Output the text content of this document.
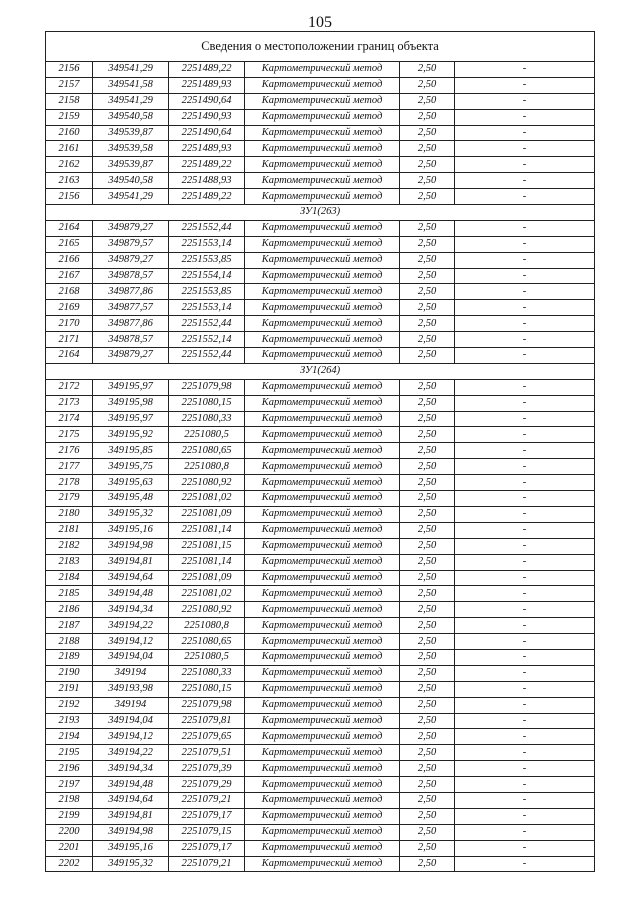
105
Сведения о местоположении границ объекта					
2156	349541,29	2251489,22	Картометрический метод	2,50	-
2157	349541,58	2251489,93	Картометрический метод	2,50	-
2158	349541,29	2251490,64	Картометрический метод	2,50	-
2159	349540,58	2251490,93	Картометрический метод	2,50	-
2160	349539,87	2251490,64	Картометрический метод	2,50	-
2161	349539,58	2251489,93	Картометрический метод	2,50	-
2162	349539,87	2251489,22	Картометрический метод	2,50	-
2163	349540,58	2251488,93	Картометрический метод	2,50	-
2156	349541,29	2251489,22	Картометрический метод	2,50	-
ЗУ1(263)					
2164	349879,27	2251552,44	Картометрический метод	2,50	-
2165	349879,57	2251553,14	Картометрический метод	2,50	-
2166	349879,27	2251553,85	Картометрический метод	2,50	-
2167	349878,57	2251554,14	Картометрический метод	2,50	-
2168	349877,86	2251553,85	Картометрический метод	2,50	-
2169	349877,57	2251553,14	Картометрический метод	2,50	-
2170	349877,86	2251552,44	Картометрический метод	2,50	-
2171	349878,57	2251552,14	Картометрический метод	2,50	-
2164	349879,27	2251552,44	Картометрический метод	2,50	-
ЗУ1(264)					
2172	349195,97	2251079,98	Картометрический метод	2,50	-
2173	349195,98	2251080,15	Картометрический метод	2,50	-
2174	349195,97	2251080,33	Картометрический метод	2,50	-
2175	349195,92	2251080,5	Картометрический метод	2,50	-
2176	349195,85	2251080,65	Картометрический метод	2,50	-
2177	349195,75	2251080,8	Картометрический метод	2,50	-
2178	349195,63	2251080,92	Картометрический метод	2,50	-
2179	349195,48	2251081,02	Картометрический метод	2,50	-
2180	349195,32	2251081,09	Картометрический метод	2,50	-
2181	349195,16	2251081,14	Картометрический метод	2,50	-
2182	349194,98	2251081,15	Картометрический метод	2,50	-
2183	349194,81	2251081,14	Картометрический метод	2,50	-
2184	349194,64	2251081,09	Картометрический метод	2,50	-
2185	349194,48	2251081,02	Картометрический метод	2,50	-
2186	349194,34	2251080,92	Картометрический метод	2,50	-
2187	349194,22	2251080,8	Картометрический метод	2,50	-
2188	349194,12	2251080,65	Картометрический метод	2,50	-
2189	349194,04	2251080,5	Картометрический метод	2,50	-
2190	349194	2251080,33	Картометрический метод	2,50	-
2191	349193,98	2251080,15	Картометрический метод	2,50	-
2192	349194	2251079,98	Картометрический метод	2,50	-
2193	349194,04	2251079,81	Картометрический метод	2,50	-
2194	349194,12	2251079,65	Картометрический метод	2,50	-
2195	349194,22	2251079,51	Картометрический метод	2,50	-
2196	349194,34	2251079,39	Картометрический метод	2,50	-
2197	349194,48	2251079,29	Картометрический метод	2,50	-
2198	349194,64	2251079,21	Картометрический метод	2,50	-
2199	349194,81	2251079,17	Картометрический метод	2,50	-
2200	349194,98	2251079,15	Картометрический метод	2,50	-
2201	349195,16	2251079,17	Картометрический метод	2,50	-
2202	349195,32	2251079,21	Картометрический метод	2,50	-
